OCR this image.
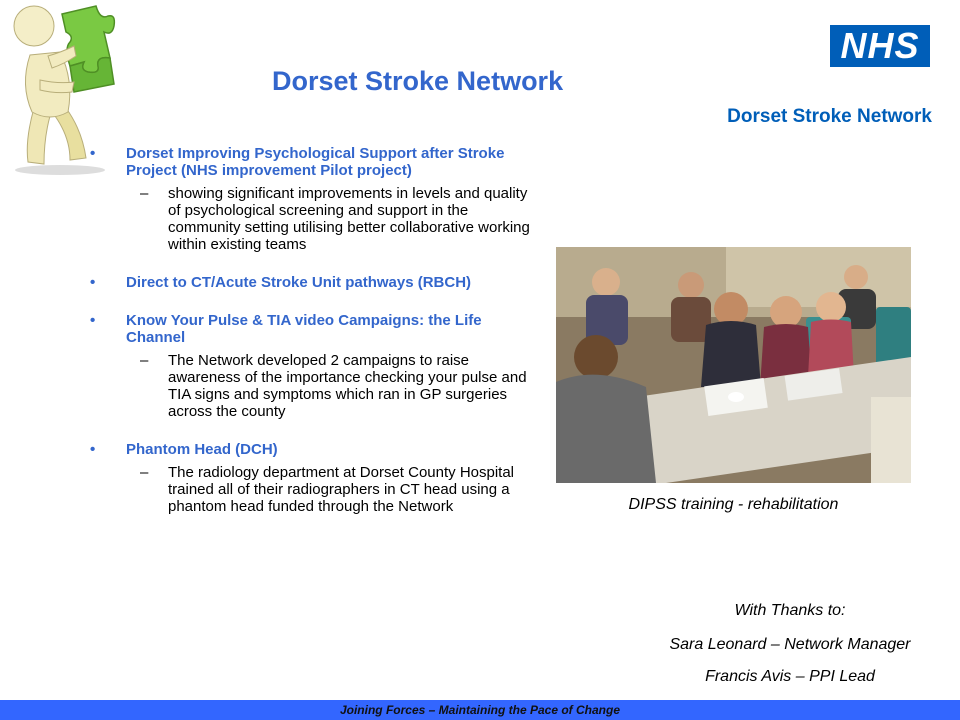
Dorset Stroke Network
NHS
Dorset Stroke Network
• Dorset Improving Psychological Support after Stroke Project (NHS improvement Pilot project)
– showing significant improvements in levels and quality of psychological screening and support in the community setting utilising better collaborative working within existing teams
• Direct to CT/Acute Stroke Unit pathways (RBCH)
• Know Your Pulse & TIA video Campaigns: the Life Channel
– The Network developed 2 campaigns to raise awareness of the importance checking your pulse and TIA signs and symptoms which ran in GP surgeries across the county
• Phantom Head (DCH)
– The radiology department at Dorset County Hospital trained all of their radiographers in CT head using a phantom head funded through the Network	DIPSS training - rehabilitation
With Thanks to:
Sara Leonard – Network Manager
Francis Avis – PPI Lead
Joining Forces – Maintaining the Pace of Change
